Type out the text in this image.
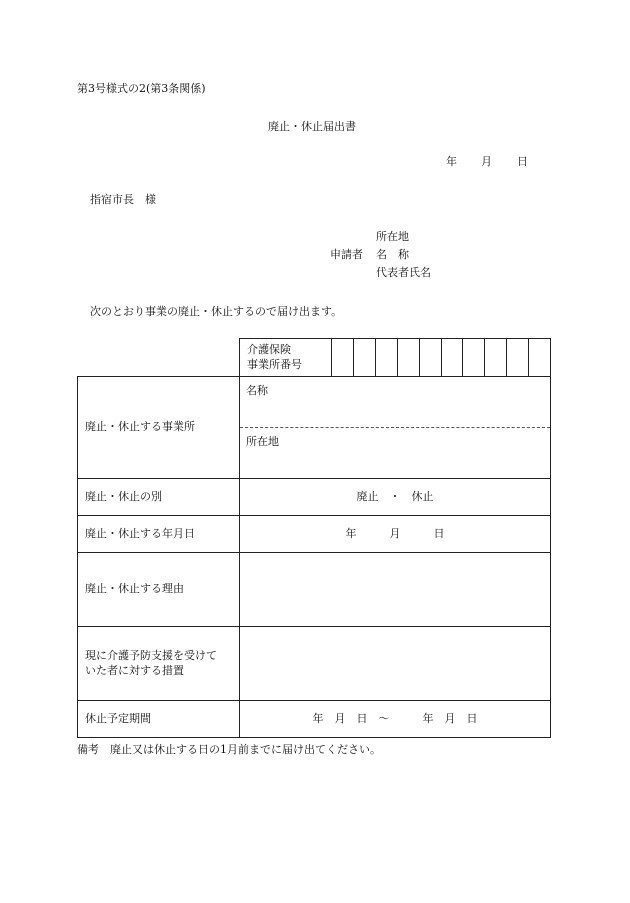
第3号様式の2(第3条関係)
廃止・休止届出書
年 月 日
指宿市長　様
所在地
申請者 名　称
代表者氏名
次のとおり事業の廃止・休止するので届け出ます。

	介護保険
事業所番号	

廃止・休止する事業所	名称
所在地	

廃止・休止の別	廃止　・　休止	
廃止・休止する年月日	年　　　月　　　日	
廃止・休止する理由		

現に介護予防支援を受けて
いた者に対する措置		

休止予定期間	年　月　日　～　　　年　月　日	
備考　廃止又は休止する日の1月前までに届け出てください。
